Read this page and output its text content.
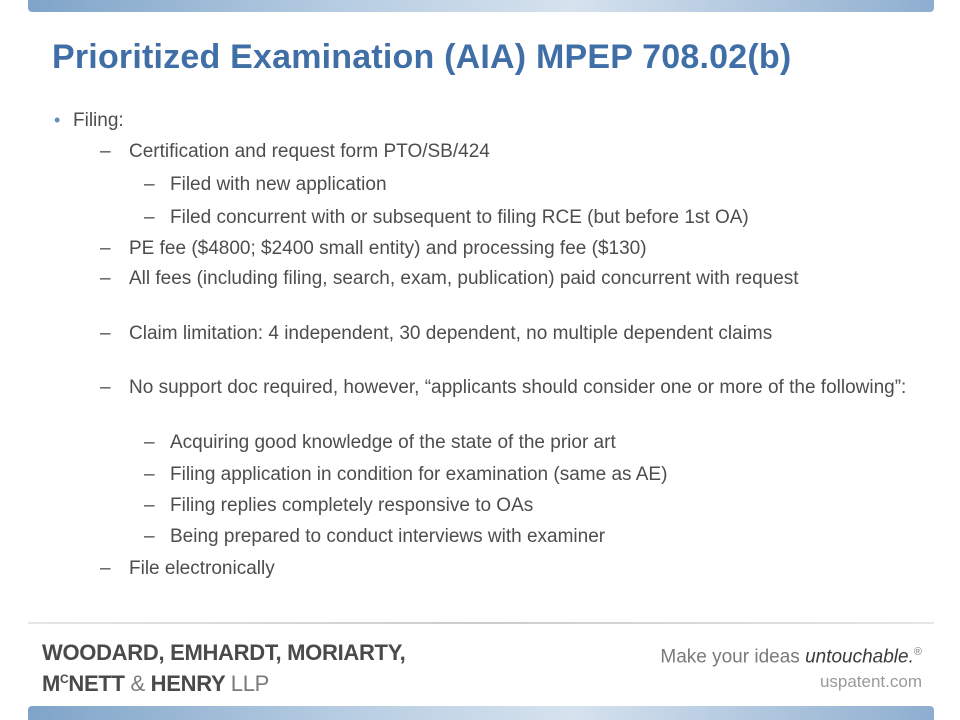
Prioritized Examination (AIA) MPEP 708.02(b)
• Filing:
– Certification and request form PTO/SB/424
– Filed with new application
– Filed concurrent with or subsequent to filing RCE (but before 1st OA)
– PE fee ($4800; $2400 small entity) and processing fee ($130)
– All fees (including filing, search, exam, publication) paid concurrent with request
– Claim limitation: 4 independent, 30 dependent, no multiple dependent claims
– No support doc required, however, “applicants should consider one or more of the following”:
– Acquiring good knowledge of the state of the prior art
– Filing application in condition for examination (same as AE)
– Filing replies completely responsive to OAs
– Being prepared to conduct interviews with examiner
– File electronically
WOODARD, EMHARDT, MORIARTY,
$M^CNETT$ & HENRY LLP
Make your ideas untouchable.®
uspatent.com
